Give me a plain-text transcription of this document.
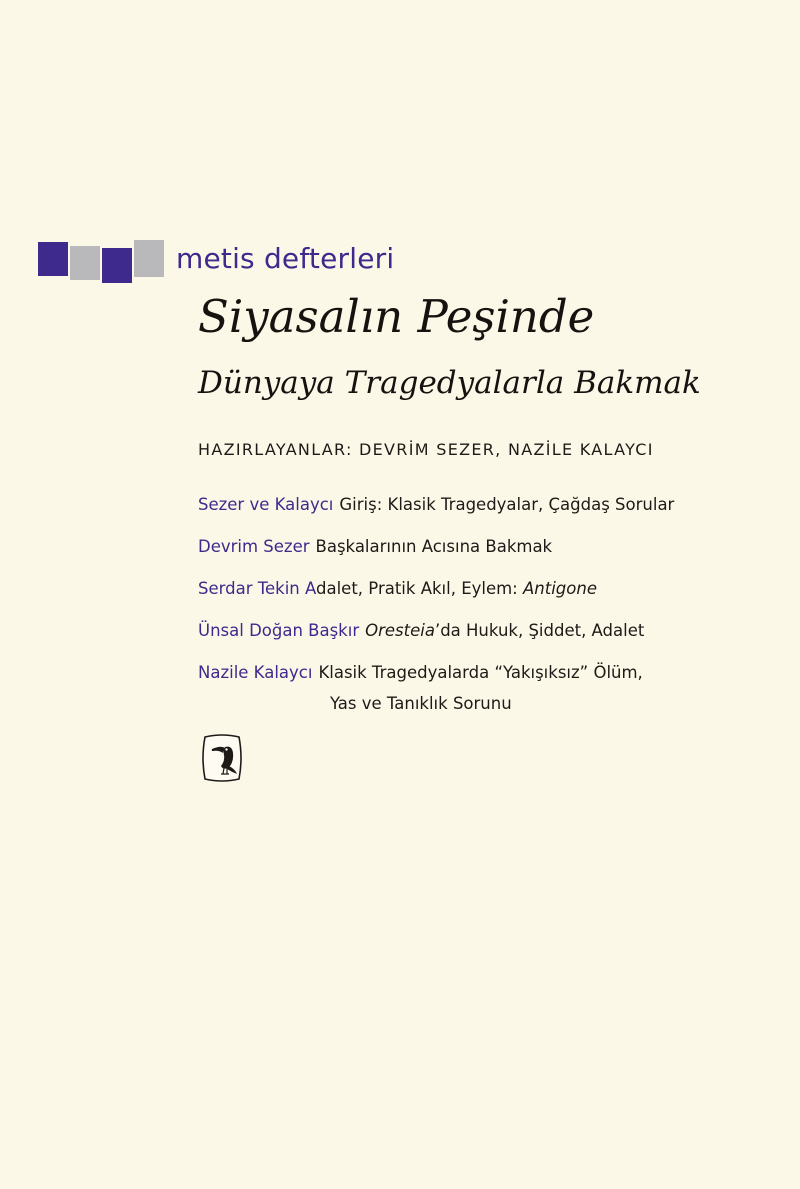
metis defterleri
Siyasalın Peşinde
Dünyaya Tragedyalarla Bakmak
HAZIRLAYANLAR: DEVRİM SEZER, NAZİLE KALAYCI
Sezer ve Kalaycı Giriş: Klasik Tragedyalar, Çağdaş Sorular
Devrim Sezer Başkalarının Acısına Bakmak
Serdar Tekin Adalet, Pratik Akıl, Eylem: Antigone
Ünsal Doğan Başkır Oresteia’da Hukuk, Şiddet, Adalet
Nazile Kalaycı Klasik Tragedyalarda “Yakışıksız” Ölüm,
Yas ve Tanıklık Sorunu
